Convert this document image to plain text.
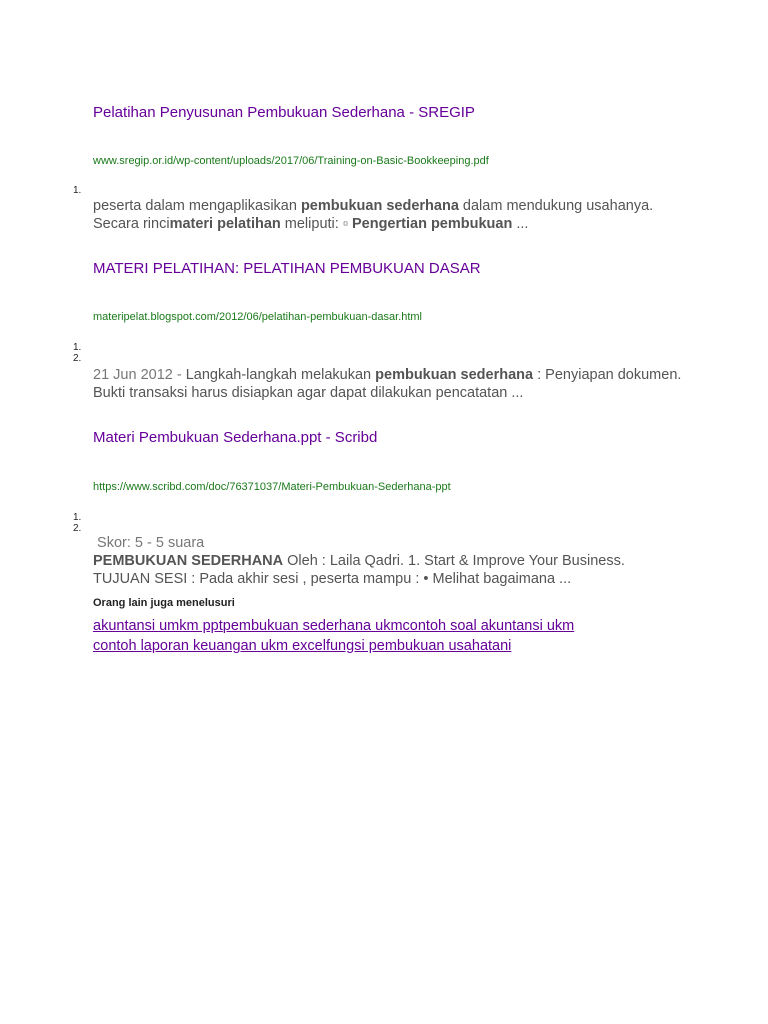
Pelatihan Penyusunan Pembukuan Sederhana - SREGIP
www.sregip.or.id/wp-content/uploads/2017/06/Training-on-Basic-Bookkeeping.pdf
1.
peserta dalam mengaplikasikan pembukuan sederhana dalam mendukung usahanya. Secara rincimateri pelatihan meliputi: ▫ Pengertian pembukuan ...
MATERI PELATIHAN: PELATIHAN PEMBUKUAN DASAR
materipelat.blogspot.com/2012/06/pelatihan-pembukuan-dasar.html
1.
2.
21 Jun 2012 - Langkah-langkah melakukan pembukuan sederhana : Penyiapan dokumen. Bukti transaksi harus disiapkan agar dapat dilakukan pencatatan ...
Materi Pembukuan Sederhana.ppt - Scribd
https://www.scribd.com/doc/76371037/Materi-Pembukuan-Sederhana-ppt
1.
2.
Skor: 5 - 5 suara
PEMBUKUAN SEDERHANA Oleh : Laila Qadri. 1. Start & Improve Your Business.
TUJUAN SESI : Pada akhir sesi , peserta mampu : • Melihat bagaimana ...
Orang lain juga menelusuri
akuntansi umkm pptpembukuan sederhana ukmcontoh soal akuntansi ukm
contoh laporan keuangan ukm excelfungsi pembukuan usahatani
